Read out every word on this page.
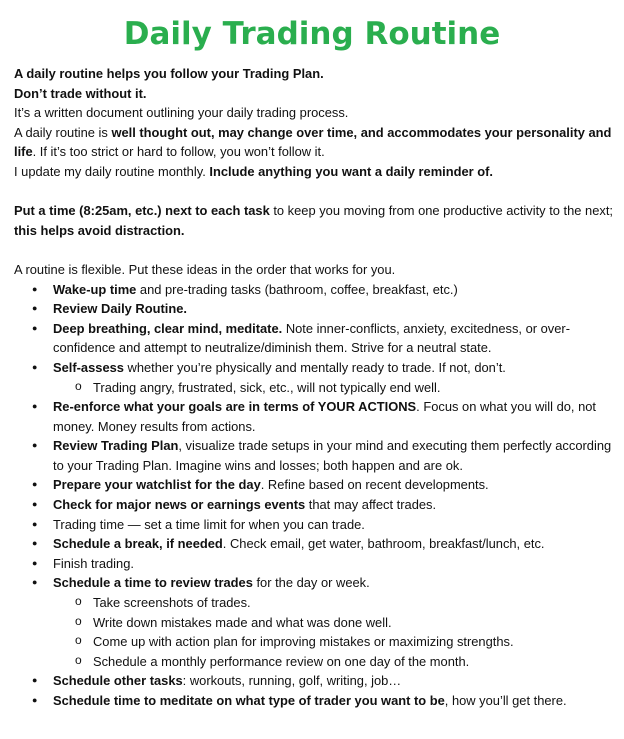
Daily Trading Routine

A daily routine helps you follow your Trading Plan.

Don’t trade without it.

It’s a written document outlining your daily trading process.

A daily routine is well thought out, may change over time, and accommodates your personality and life. If it’s too strict or hard to follow, you won’t follow it.

I update my daily routine monthly. Include anything you want a daily reminder of.

Put a time (8:25am, etc.) next to each task to keep you moving from one productive activity to the next; this helps avoid distraction.

A routine is flexible. Put these ideas in the order that works for you.

● Wake-up time and pre-trading tasks (bathroom, coffee, breakfast, etc.)
● Review Daily Routine.
● Deep breathing, clear mind, meditate. Note inner-conflicts, anxiety, excitedness, or over-confidence and attempt to neutralize/diminish them. Strive for a neutral state.
● Self-assess whether you’re physically and mentally ready to trade. If not, don’t.
o Trading angry, frustrated, sick, etc., will not typically end well.
● Re-enforce what your goals are in terms of YOUR ACTIONS. Focus on what you will do, not money. Money results from actions.
● Review Trading Plan, visualize trade setups in your mind and executing them perfectly according to your Trading Plan. Imagine wins and losses; both happen and are ok.
● Prepare your watchlist for the day. Refine based on recent developments.
● Check for major news or earnings events that may affect trades.
● Trading time — set a time limit for when you can trade.
● Schedule a break, if needed. Check email, get water, bathroom, breakfast/lunch, etc.
● Finish trading.
● Schedule a time to review trades for the day or week.
o Take screenshots of trades.
o Write down mistakes made and what was done well.
o Come up with action plan for improving mistakes or maximizing strengths.
o Schedule a monthly performance review on one day of the month.
● Schedule other tasks: workouts, running, golf, writing, job…
● Schedule time to meditate on what type of trader you want to be, how you’ll get there.
